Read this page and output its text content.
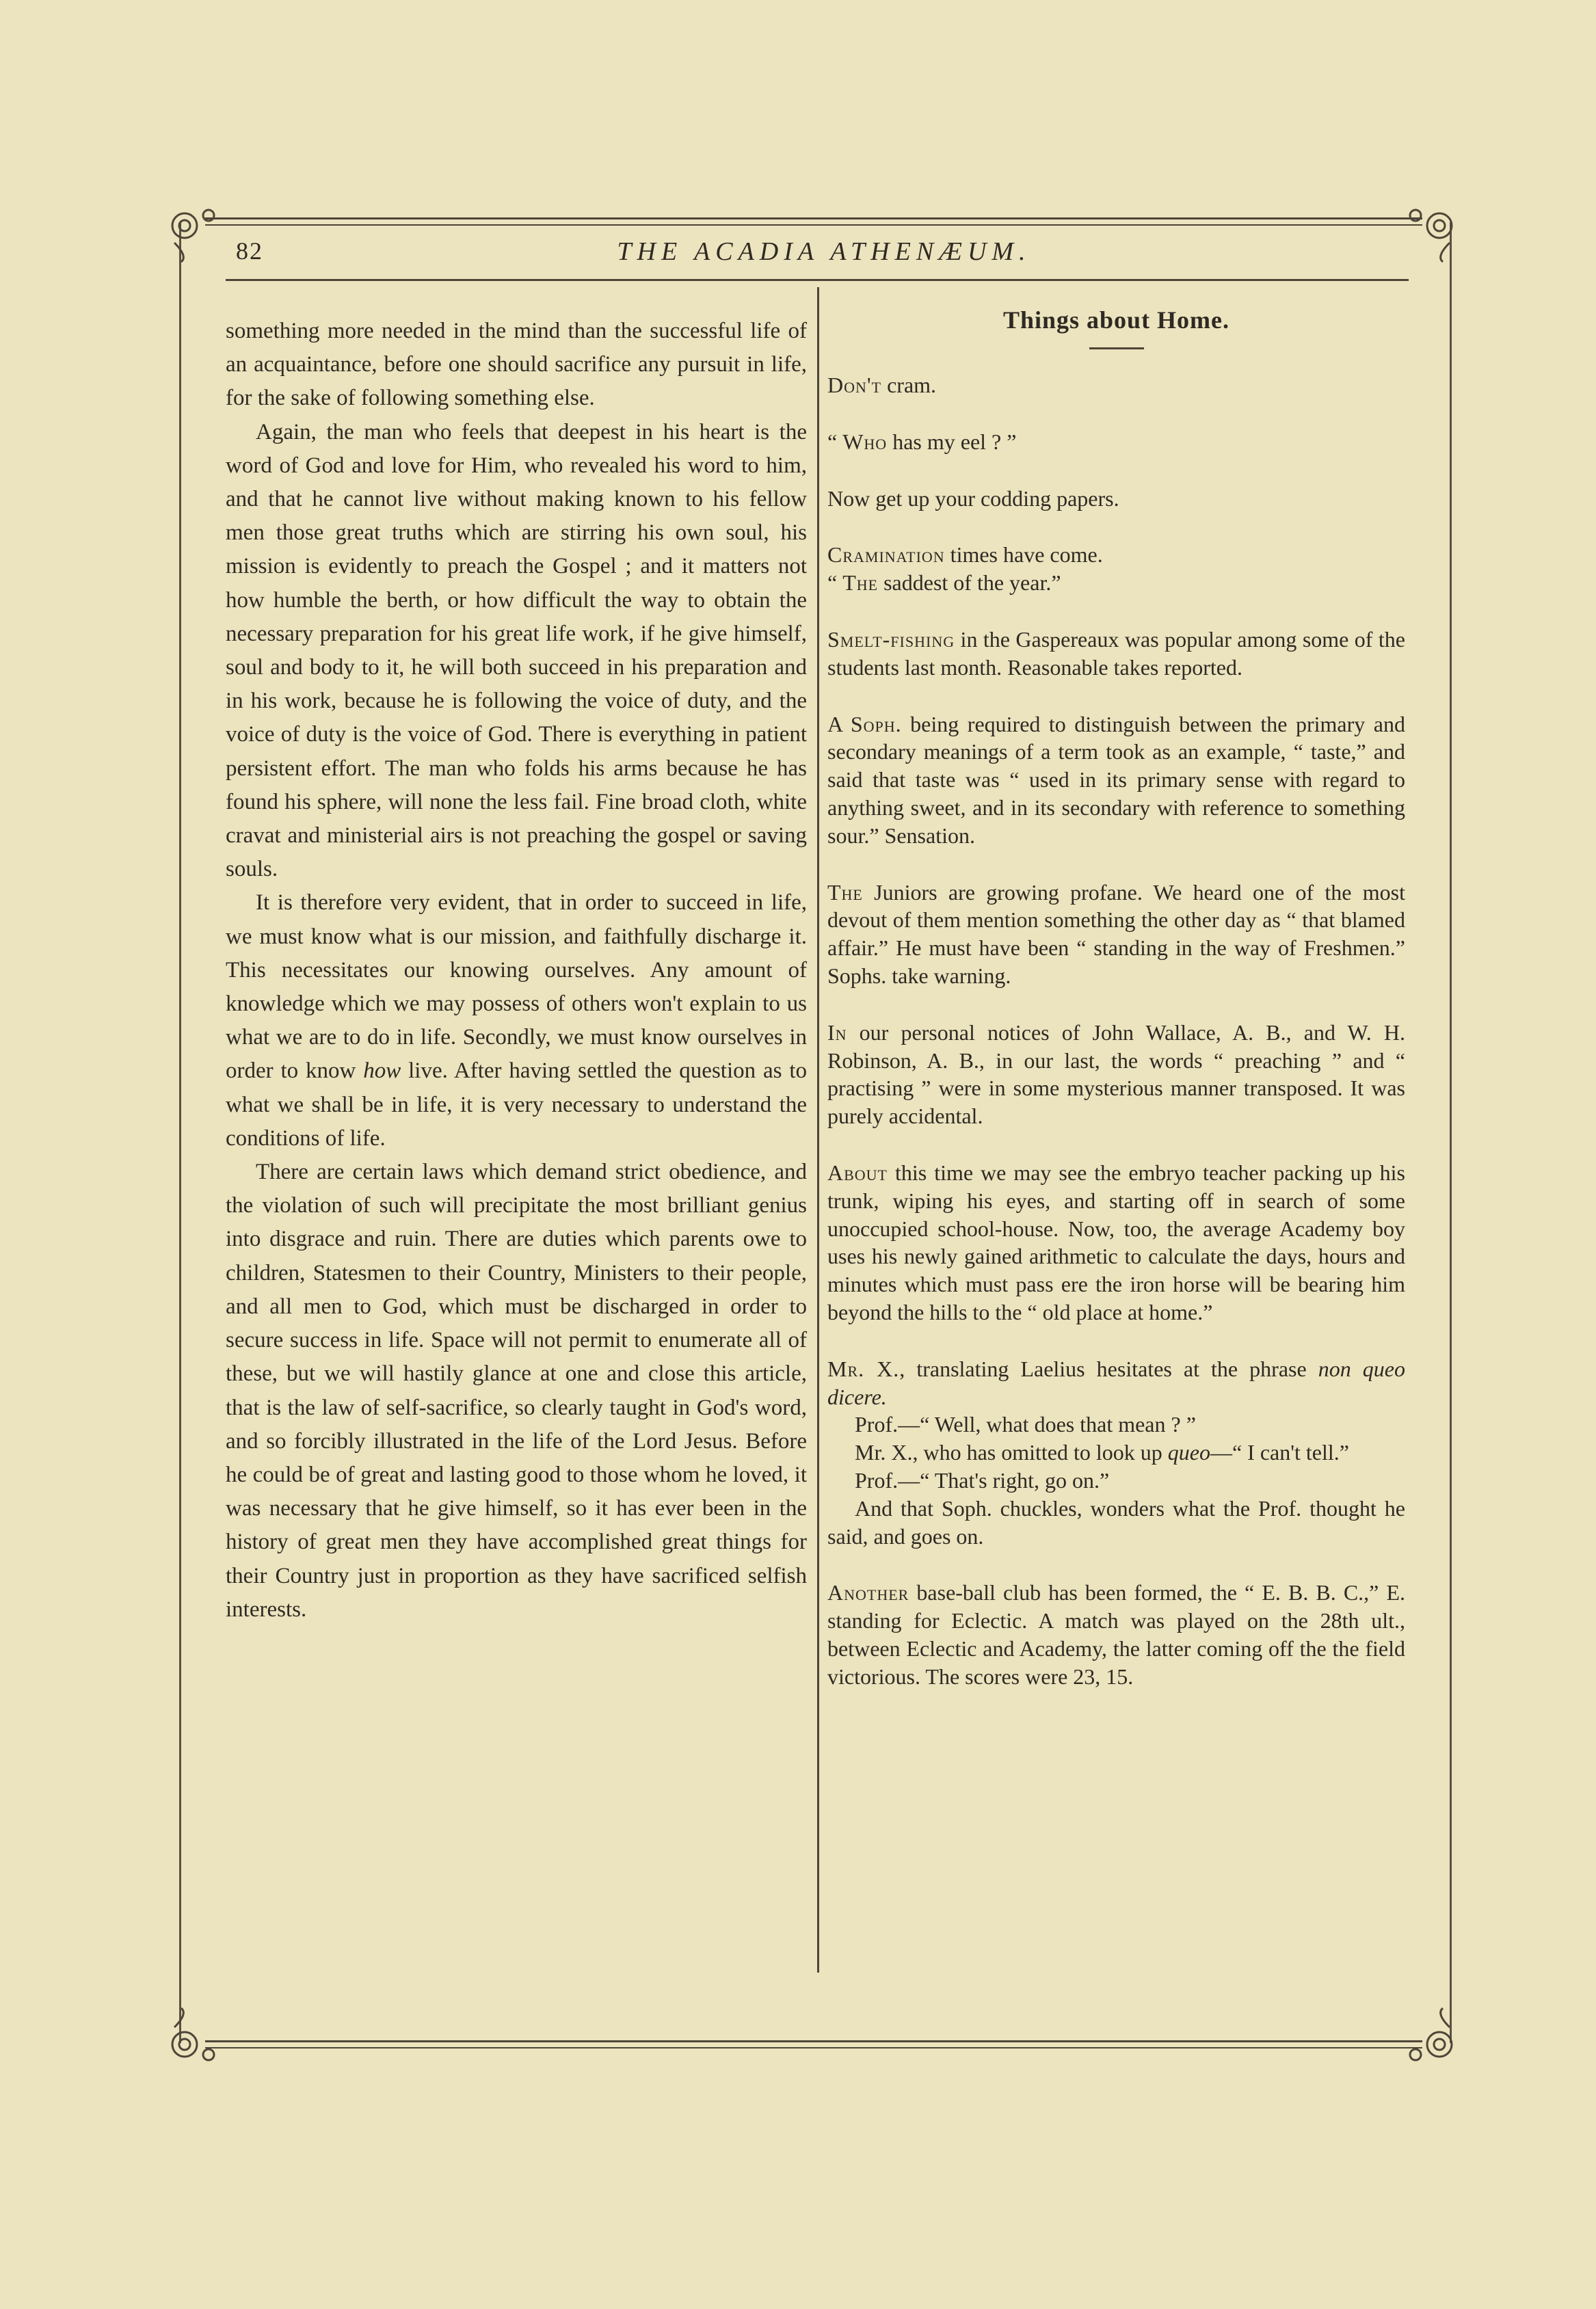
82	THE ACADIA ATHENÆUM.

something more needed in the mind than the successful life of an acquaintance, before one should sacrifice any pursuit in life, for the sake of following something else.

Again, the man who feels that deepest in his heart is the word of God and love for Him, who revealed his word to him, and that he cannot live without making known to his fellow men those great truths which are stirring his own soul, his mission is evidently to preach the Gospel ; and it matters not how humble the berth, or how difficult the way to obtain the necessary preparation for his great life work, if he give himself, soul and body to it, he will both succeed in his preparation and in his work, because he is following the voice of duty, and the voice of duty is the voice of God. There is everything in patient persistent effort. The man who folds his arms because he has found his sphere, will none the less fail. Fine broad cloth, white cravat and ministerial airs is not preaching the gospel or saving souls.

It is therefore very evident, that in order to succeed in life, we must know what is our mission, and faithfully discharge it. This necessitates our knowing ourselves. Any amount of knowledge which we may possess of others won't explain to us what we are to do in life. Secondly, we must know ourselves in order to know how live. After having settled the question as to what we shall be in life, it is very necessary to understand the conditions of life.

There are certain laws which demand strict obedience, and the violation of such will precipitate the most brilliant genius into disgrace and ruin. There are duties which parents owe to children, Statesmen to their Country, Ministers to their people, and all men to God, which must be discharged in order to secure success in life. Space will not permit to enumerate all of these, but we will hastily glance at one and close this article, that is the law of self-sacrifice, so clearly taught in God's word, and so forcibly illustrated in the life of the Lord Jesus. Before he could be of great and lasting good to those whom he loved, it was necessary that he give himself, so it has ever been in the history of great men they have accomplished great things for their Country just in proportion as they have sacrificed selfish interests.

Things about Home.

Don't cram.

“ Who has my eel ? ”

Now get up your codding papers.

Cramination times have come.

“ The saddest of the year.”

Smelt-fishing in the Gaspereaux was popular among some of the students last month. Reasonable takes reported.

A Soph. being required to distinguish between the primary and secondary meanings of a term took as an example, “ taste,” and said that taste was “ used in its primary sense with regard to anything sweet, and in its secondary with reference to something sour.” Sensation.

The Juniors are growing profane. We heard one of the most devout of them mention something the other day as “ that blamed affair.” He must have been “ standing in the way of Freshmen.” Sophs. take warning.

In our personal notices of John Wallace, A. B., and W. H. Robinson, A. B., in our last, the words “ preaching ” and “ practising ” were in some mysterious manner transposed. It was purely accidental.

About this time we may see the embryo teacher packing up his trunk, wiping his eyes, and starting off in search of some unoccupied school-house. Now, too, the average Academy boy uses his newly gained arithmetic to calculate the days, hours and minutes which must pass ere the iron horse will be bearing him beyond the hills to the “ old place at home.”

Mr. X., translating Laelius hesitates at the phrase non queo dicere.

Prof.—“ Well, what does that mean ? ”

Mr. X., who has omitted to look up queo—“ I can't tell.”

Prof.—“ That's right, go on.”

And that Soph. chuckles, wonders what the Prof. thought he said, and goes on.

Another base-ball club has been formed, the “ E. B. B. C.,” E. standing for Eclectic. A match was played on the 28th ult., between Eclectic and Academy, the latter coming off the the field victorious. The scores were 23, 15.
